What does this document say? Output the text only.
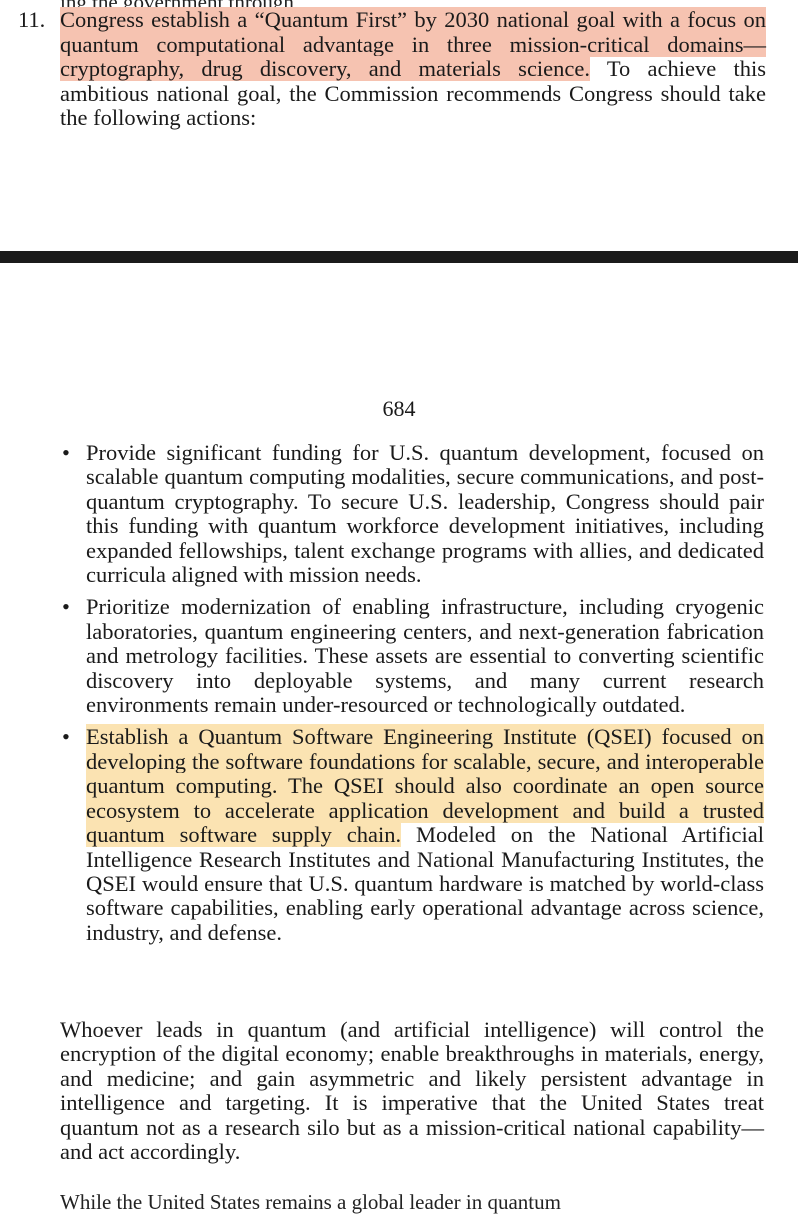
11. Congress establish a “Quantum First” by 2030 national goal with a focus on quantum computational advantage in three mission-critical domains—cryptography, drug discovery, and materials science. To achieve this ambitious national goal, the Commission recommends Congress should take the following actions:
684
• Provide significant funding for U.S. quantum development, focused on scalable quantum computing modalities, secure communications, and post-quantum cryptography. To secure U.S. leadership, Congress should pair this funding with quantum workforce development initiatives, including expanded fellowships, talent exchange programs with allies, and dedicated curricula aligned with mission needs.
• Prioritize modernization of enabling infrastructure, including cryogenic laboratories, quantum engineering centers, and next-generation fabrication and metrology facilities. These assets are essential to converting scientific discovery into deployable systems, and many current research environments remain under-resourced or technologically outdated.
• Establish a Quantum Software Engineering Institute (QSEI) focused on developing the software foundations for scalable, secure, and interoperable quantum computing. The QSEI should also coordinate an open source ecosystem to accelerate application development and build a trusted quantum software supply chain. Modeled on the National Artificial Intelligence Research Institutes and National Manufacturing Institutes, the QSEI would ensure that U.S. quantum hardware is matched by world-class software capabilities, enabling early operational advantage across science, industry, and defense.
Whoever leads in quantum (and artificial intelligence) will control the encryption of the digital economy; enable breakthroughs in materials, energy, and medicine; and gain asymmetric and likely persistent advantage in intelligence and targeting. It is imperative that the United States treat quantum not as a research silo but as a mission-critical national capability—and act accordingly.
While the United States remains a global leader in quantum
